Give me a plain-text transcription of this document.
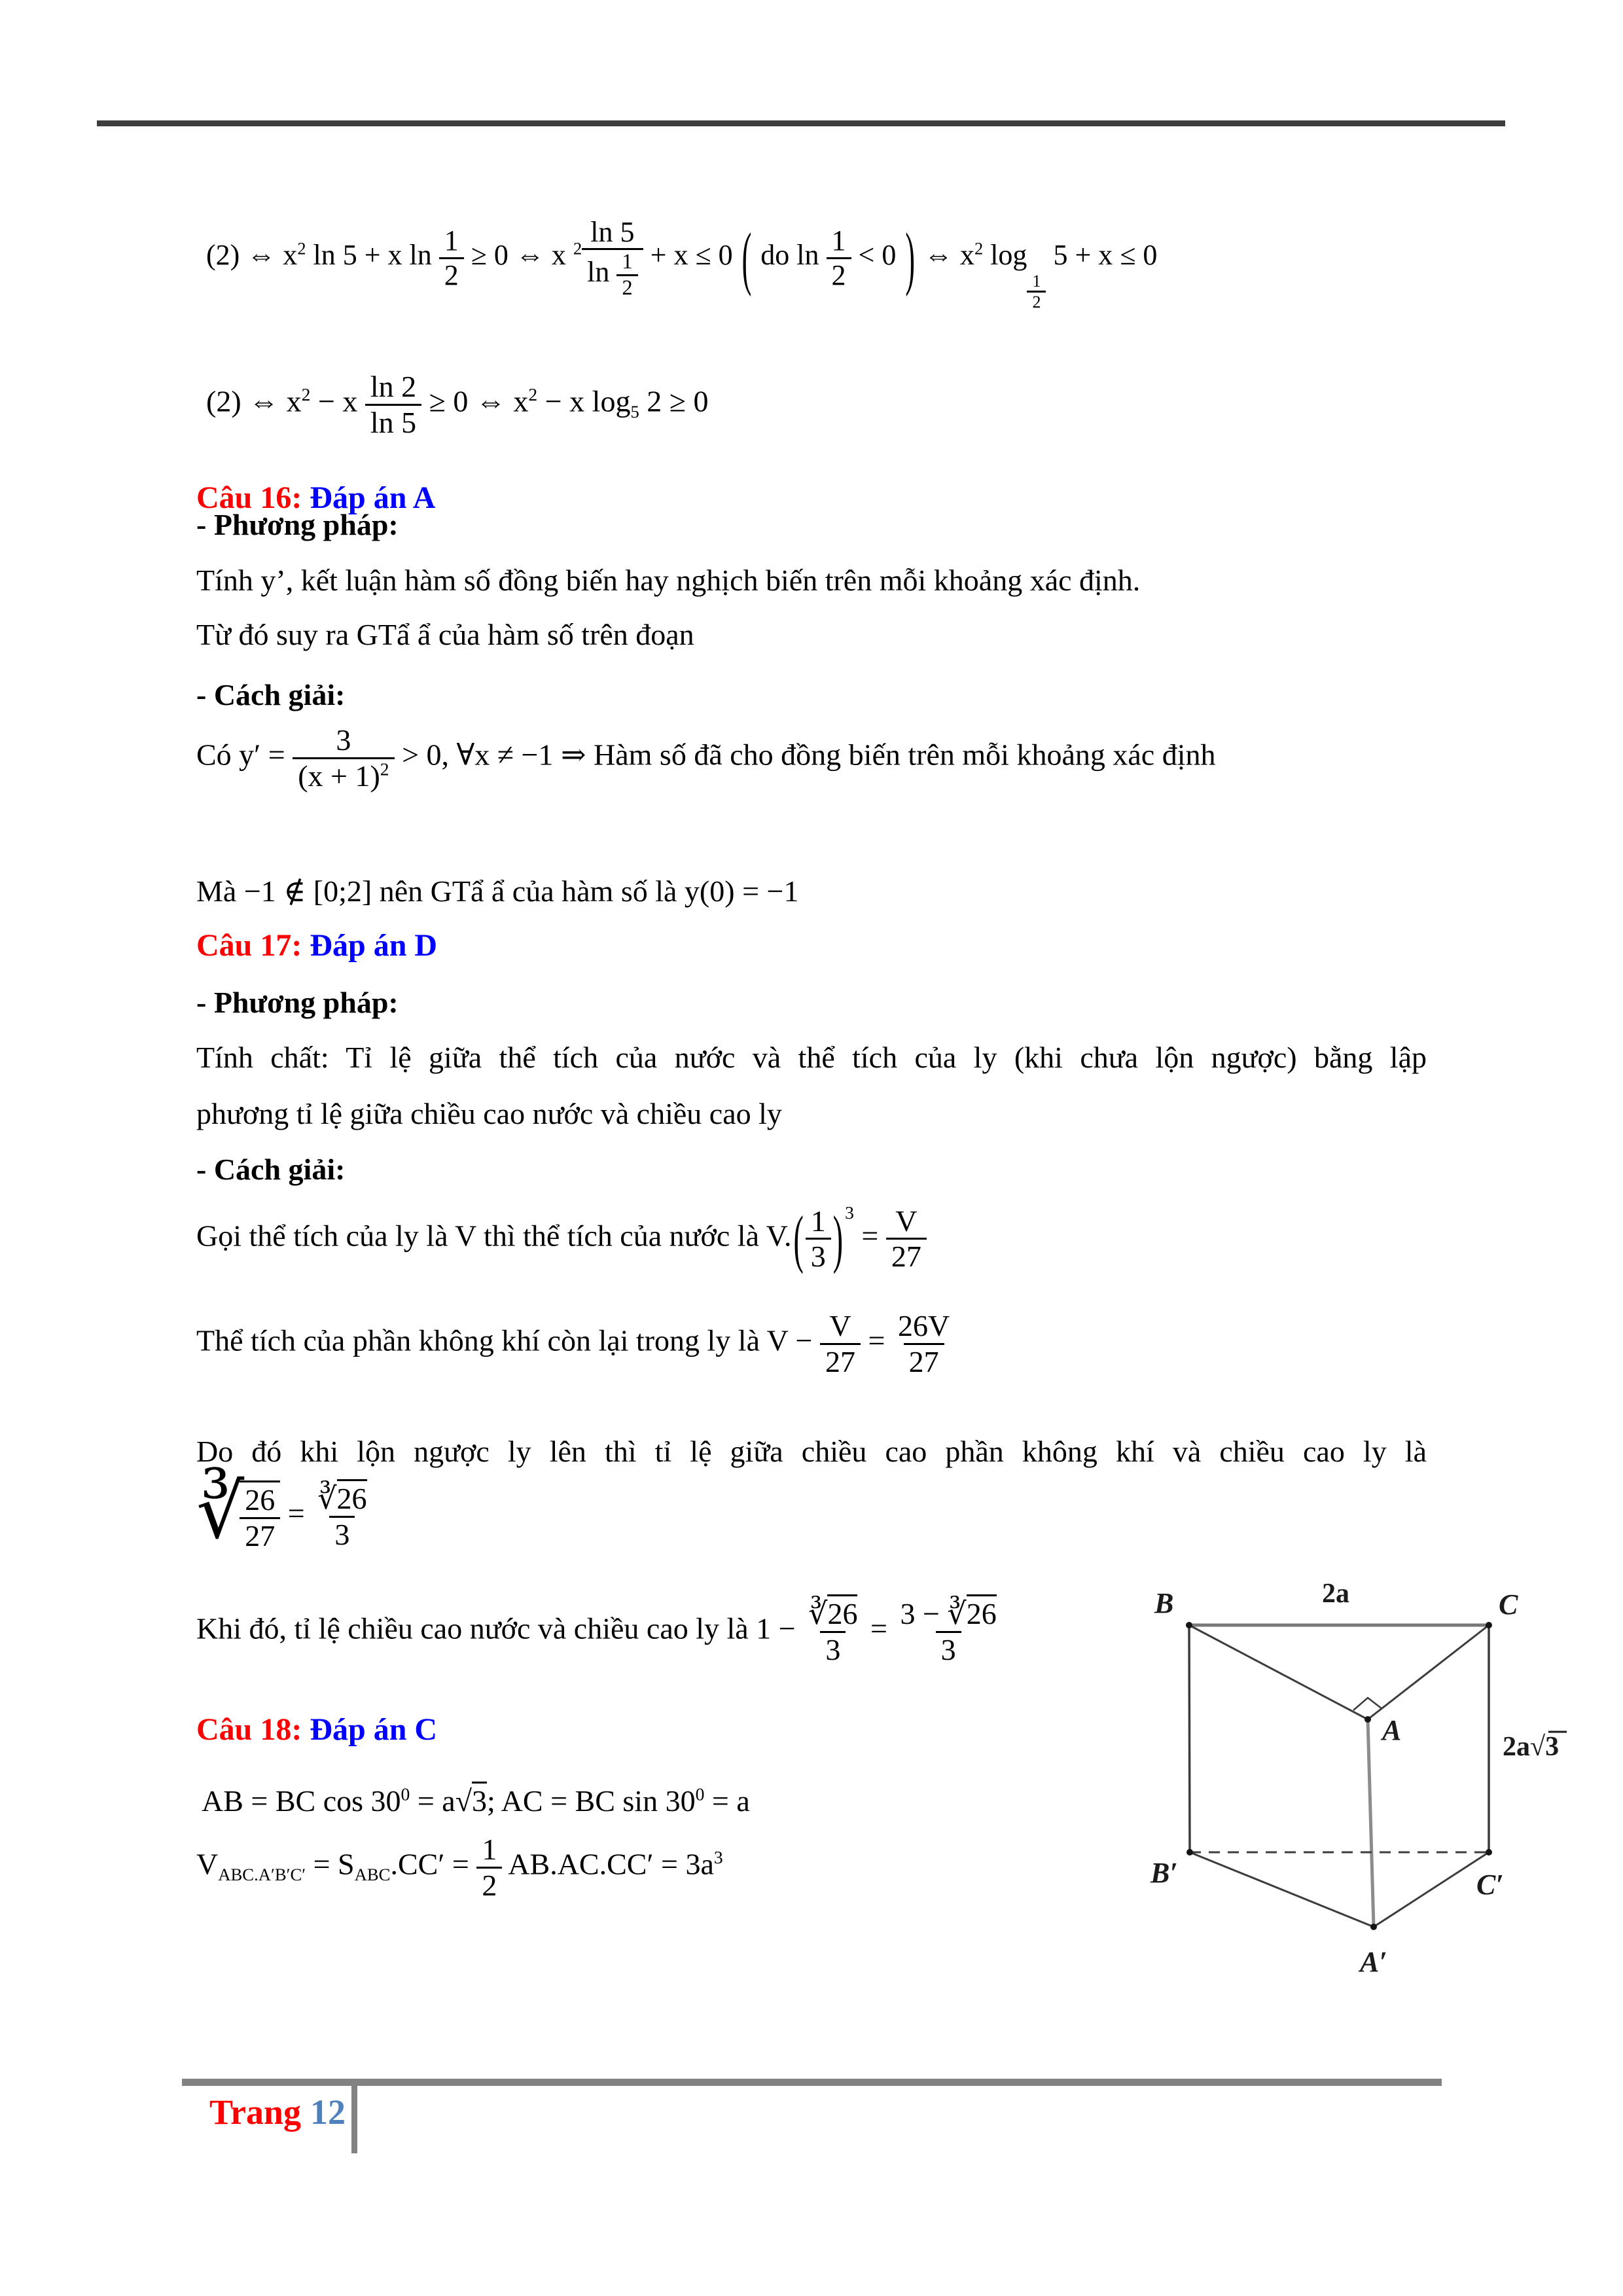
(2) ⇔ $x^2$ ln 5 + x $\ln \frac{1}{2} \ge 0$ ⇔ x $^2 \frac{\ln 5}{\ln \frac{1}{2}} + x \le 0$ ( do $\ln \frac{1}{2} < 0$ ) ⇔ $x^2$ log
$\frac{1}{2}$
5 + x ≤ 0
(2) ⇔ $x^2 - x \frac{\ln 2}{\ln 5} \ge 0$ ⇔ $x^2 - x$ $\log_5 2 \ge 0$
Câu 16: Đáp án A
- Phương pháp:
Tính y’, kết luận hàm số đồng biến hay nghịch biến trên mỗi khoảng xác định.
Từ đó suy ra GTẩ ẩ của hàm số trên đoạn
- Cách giải:
Có $y' = \frac{3}{(x + 1)^2} > 0$, ∀x ≠ −1 ⇒ Hàm số đã cho đồng biến trên mỗi khoảng xác định
Mà −1 ∉ [0;2] nên GTẩ ẩ của hàm số là y(0) = −1
Câu 17: Đáp án D
- Phương pháp:
Tính chất: Tỉ lệ giữa thể tích của nước và thể tích của ly (khi chưa lộn ngược) bằng lập
phương tỉ lệ giữa chiều cao nước và chiều cao ly
- Cách giải:
Gọi thể tích của ly là V thì thể tích của nước là $V.( \frac{1}{3}$ ) $^3 = \frac{V}{27}$
Thể tích của phần không khí còn lại trong ly là $V - \frac{V}{27} = \frac{26V}{27}$
Do đó khi lộn ngược ly lên thì tỉ lệ giữa chiều cao phần không khí và chiều cao ly là
∛
$\frac{26}{27} = \frac{∛26}{3}$
Khi đó, tỉ lệ chiều cao nước và chiều cao ly là $1 - \frac{∛26}{3} = \frac{3 - ∛26}{3}$
Câu 18: Đáp án C
AB = BC $\cos 30^0 = a√3$; AC = BC $\sin 30^0 = a$
$V_{ABC.A'B'C'} = S_{ABC}.CC' = \frac{1}{2} AB.AC.CC' = 3a^3$
B	C
A
B′	C′
A′
2a
2a√3
Trang 12
